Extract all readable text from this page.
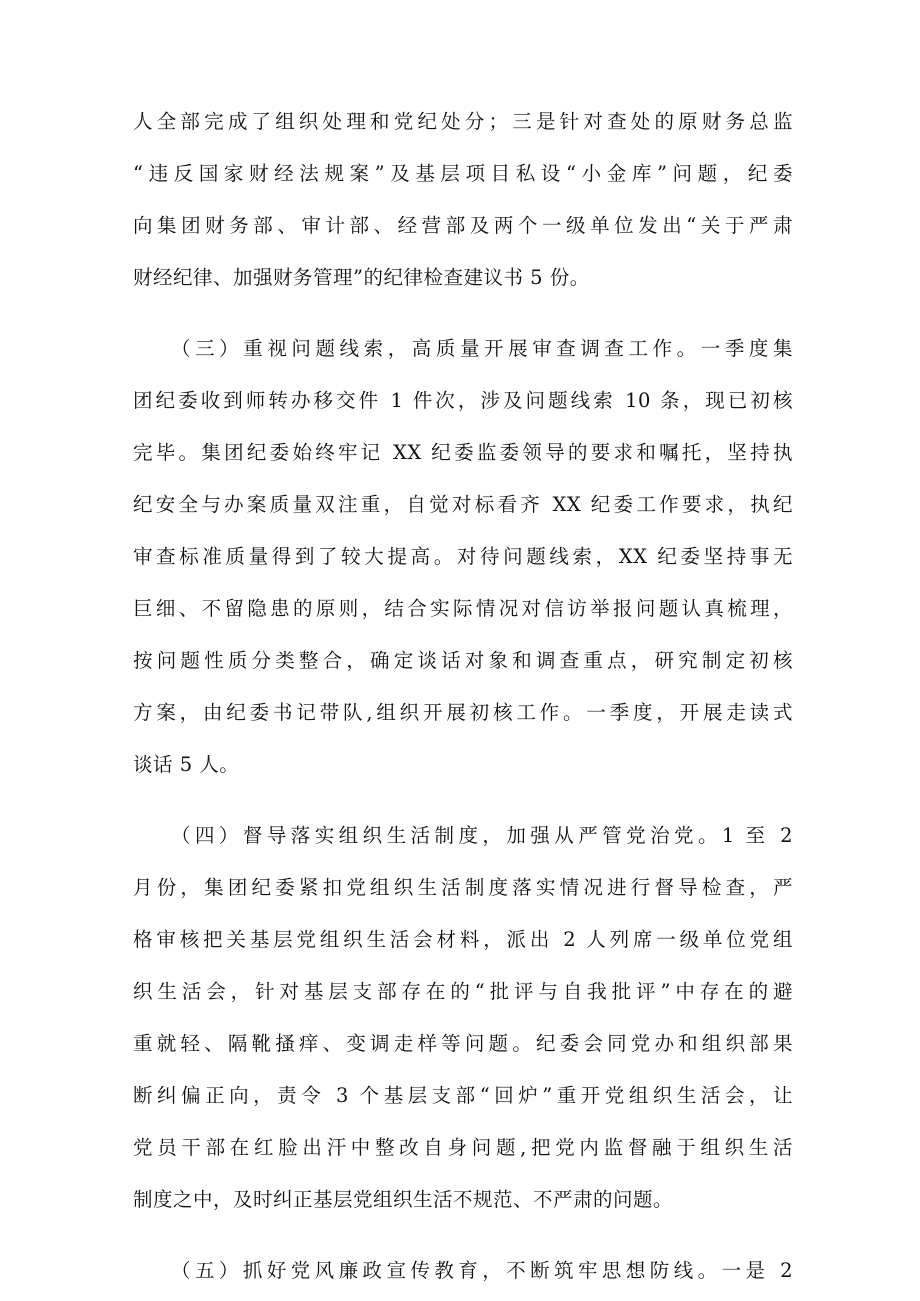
人全部完成了组织处理和党纪处分；三是针对查处的原财务总监
“违反国家财经法规案”及基层项目私设“小金库”问题，纪委
向集团财务部、审计部、经营部及两个一级单位发出“关于严肃
财经纪律、加强财务管理”的纪律检查建议书 5 份。
（三）重视问题线索，高质量开展审查调查工作。一季度集
团纪委收到师转办移交件 1 件次，涉及问题线索 10 条，现已初核
完毕。集团纪委始终牢记 XX 纪委监委领导的要求和嘱托，坚持执
纪安全与办案质量双注重，自觉对标看齐 XX 纪委工作要求，执纪
审查标准质量得到了较大提高。对待问题线索，XX 纪委坚持事无
巨细、不留隐患的原则，结合实际情况对信访举报问题认真梳理，
按问题性质分类整合，确定谈话对象和调查重点，研究制定初核
方案，由纪委书记带队,组织开展初核工作。一季度，开展走读式
谈话 5 人。
（四）督导落实组织生活制度，加强从严管党治党。1 至 2
月份，集团纪委紧扣党组织生活制度落实情况进行督导检查，严
格审核把关基层党组织生活会材料，派出 2 人列席一级单位党组
织生活会，针对基层支部存在的“批评与自我批评”中存在的避
重就轻、隔靴搔痒、变调走样等问题。纪委会同党办和组织部果
断纠偏正向，责令 3 个基层支部“回炉”重开党组织生活会，让
党员干部在红脸出汗中整改自身问题,把党内监督融于组织生活
制度之中，及时纠正基层党组织生活不规范、不严肃的问题。
（五）抓好党风廉政宣传教育，不断筑牢思想防线。一是 2
